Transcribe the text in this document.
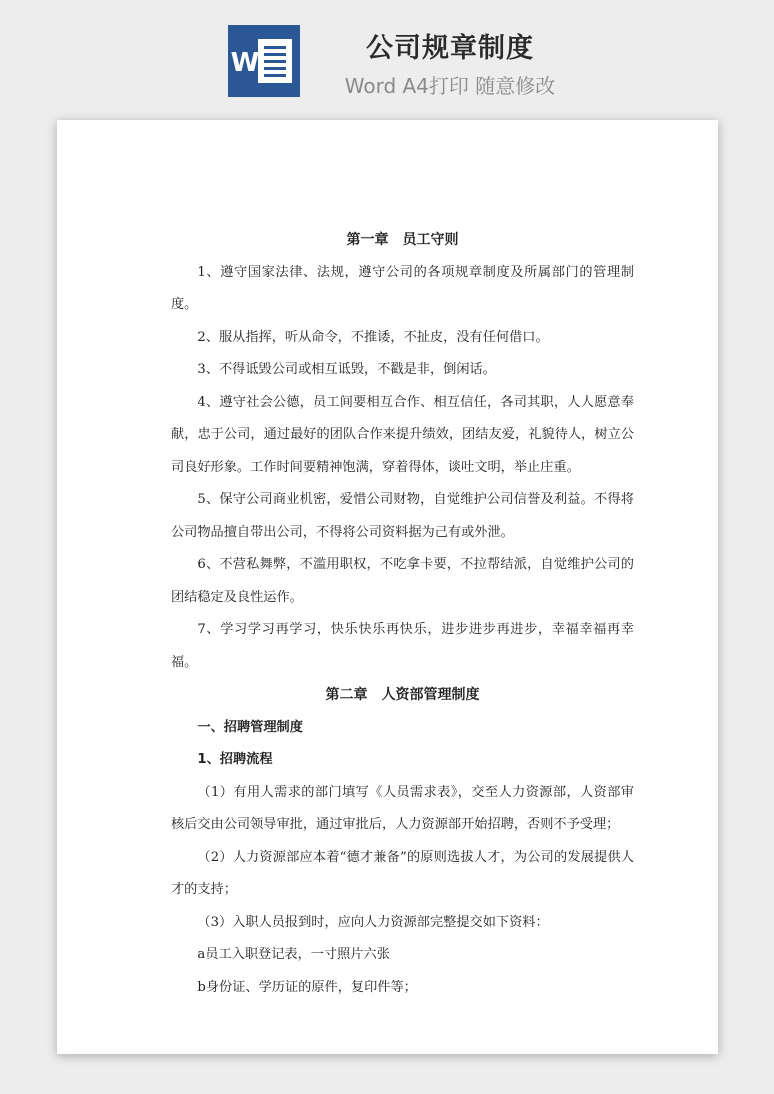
W	公司规章制度
Word A4打印 随意修改
第一章　员工守则
1、遵守国家法律、法规，遵守公司的各项规章制度及所属部门的管理制度。
2、服从指挥，听从命令，不推诿，不扯皮，没有任何借口。
3、不得诋毁公司或相互诋毁，不戳是非，倒闲话。
4、遵守社会公德，员工间要相互合作、相互信任，各司其职，人人愿意奉献，忠于公司，通过最好的团队合作来提升绩效，团结友爱，礼貌待人，树立公司良好形象。工作时间要精神饱满，穿着得体，谈吐文明，举止庄重。
5、保守公司商业机密，爱惜公司财物，自觉维护公司信誉及利益。不得将公司物品擅自带出公司，不得将公司资料据为己有或外泄。
6、不营私舞弊，不滥用职权，不吃拿卡要，不拉帮结派，自觉维护公司的团结稳定及良性运作。
7、学习学习再学习，快乐快乐再快乐，进步进步再进步，幸福幸福再幸福。
第二章　人资部管理制度
一、招聘管理制度
1、招聘流程
（1）有用人需求的部门填写《人员需求表》，交至人力资源部，人资部审核后交由公司领导审批，通过审批后，人力资源部开始招聘，否则不予受理；
（2）人力资源部应本着“德才兼备”的原则选拔人才，为公司的发展提供人才的支持；
（3）入职人员报到时，应向人力资源部完整提交如下资料：
a员工入职登记表，一寸照片六张
b身份证、学历证的原件，复印件等；
